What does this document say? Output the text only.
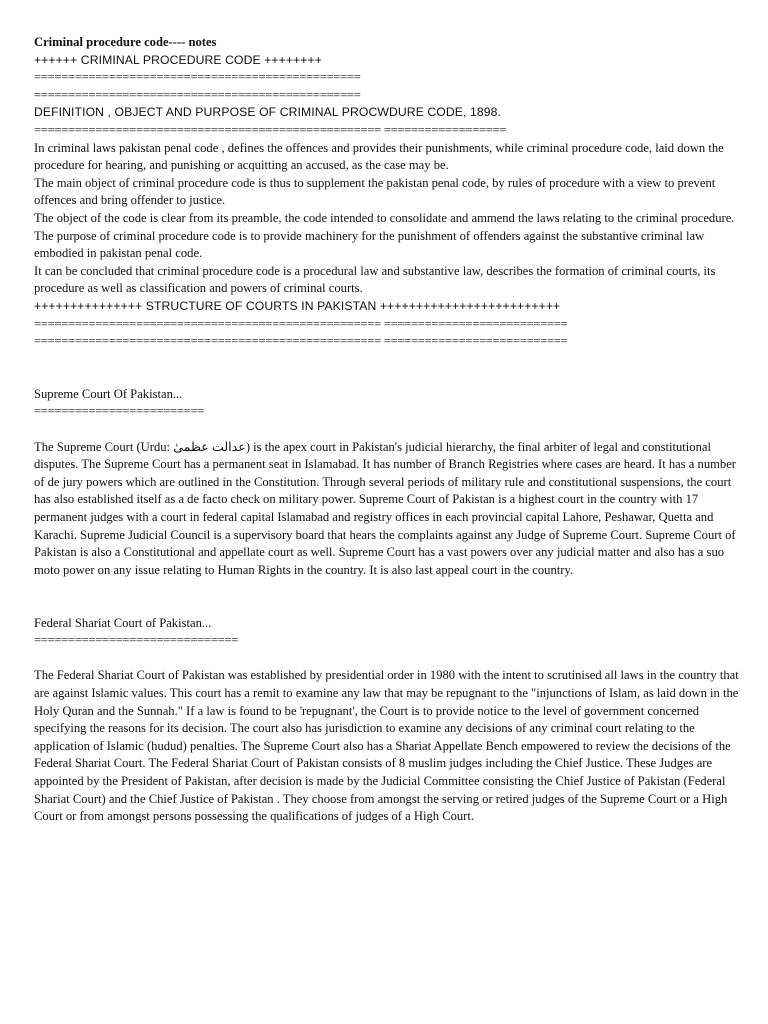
Criminal procedure code---- notes
++++++ CRIMINAL PROCEDURE CODE ++++++++
================================================
================================================
DEFINITION , OBJECT AND PURPOSE OF CRIMINAL PROCWDURE CODE, 1898.
=================================================== ==================
In criminal laws pakistan penal code , defines the offences and provides their punishments, while criminal procedure code, laid down the procedure for hearing, and punishing or acquitting an accused, as the case may be.
The main object of criminal procedure code is thus to supplement the pakistan penal code, by rules of procedure with a view to prevent offences and bring offender to justice.
The object of the code is clear from its preamble, the code intended to consolidate and ammend the laws relating to the criminal procedure.
The purpose of criminal procedure code is to provide machinery for the punishment of offenders against the substantive criminal law embodied in pakistan penal code.
It can be concluded that criminal procedure code is a procedural law and substantive law, describes the formation of criminal courts, its procedure as well as classification and powers of criminal courts.
+++++++++++++++ STRUCTURE OF COURTS IN PAKISTAN +++++++++++++++++++++++++
=================================================== ===========================
=================================================== ===========================
Supreme Court Of Pakistan...
=========================
The Supreme Court (Urdu: عدالت عظمیٰ) is the apex court in Pakistan's judicial hierarchy, the final arbiter of legal and constitutional disputes. The Supreme Court has a permanent seat in Islamabad. It has number of Branch Registries where cases are heard. It has a number of de jury powers which are outlined in the Constitution. Through several periods of military rule and constitutional suspensions, the court has also established itself as a de facto check on military power. Supreme Court of Pakistan is a highest court in the country with 17 permanent judges with a court in federal capital Islamabad and registry offices in each provincial capital Lahore, Peshawar, Quetta and Karachi. Supreme Judicial Council is a supervisory board that hears the complaints against any Judge of Supreme Court. Supreme Court of Pakistan is also a Constitutional and appellate court as well. Supreme Court has a vast powers over any judicial matter and also has a suo moto power on any issue relating to Human Rights in the country. It is also last appeal court in the country.
Federal Shariat Court of Pakistan...
==============================
The Federal Shariat Court of Pakistan was established by presidential order in 1980 with the intent to scrutinised all laws in the country that are against Islamic values. This court has a remit to examine any law that may be repugnant to the "injunctions of Islam, as laid down in the Holy Quran and the Sunnah." If a law is found to be 'repugnant', the Court is to provide notice to the level of government concerned specifying the reasons for its decision. The court also has jurisdiction to examine any decisions of any criminal court relating to the application of Islamic (hudud) penalties. The Supreme Court also has a Shariat Appellate Bench empowered to review the decisions of the Federal Shariat Court. The Federal Shariat Court of Pakistan consists of 8 muslim judges including the Chief Justice. These Judges are appointed by the President of Pakistan, after decision is made by the Judicial Committee consisting the Chief Justice of Pakistan (Federal Shariat Court) and the Chief Justice of Pakistan . They choose from amongst the serving or retired judges of the Supreme Court or a High Court or from amongst persons possessing the qualifications of judges of a High Court.
